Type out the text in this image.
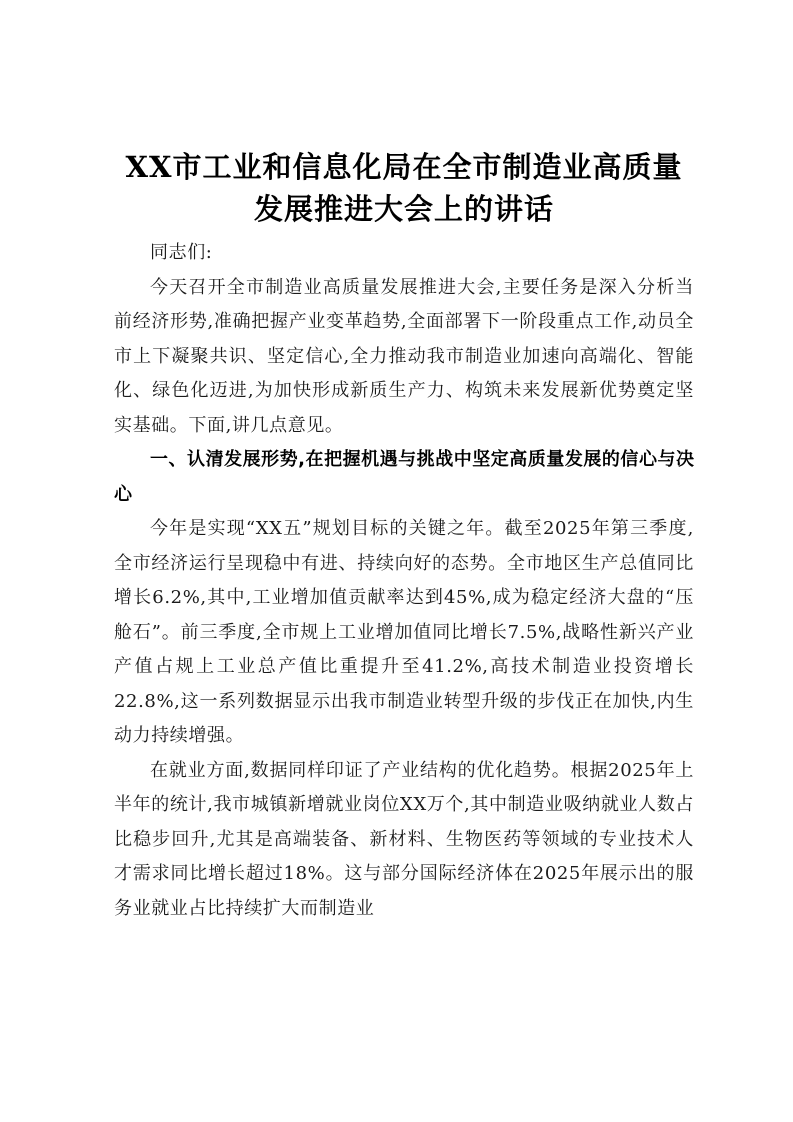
XX市工业和信息化局在全市制造业高质量发展推进大会上的讲话

同志们:

今天召开全市制造业高质量发展推进大会,主要任务是深入分析当前经济形势,准确把握产业变革趋势,全面部署下一阶段重点工作,动员全市上下凝聚共识、坚定信心,全力推动我市制造业加速向高端化、智能化、绿色化迈进,为加快形成新质生产力、构筑未来发展新优势奠定坚实基础。下面,讲几点意见。

一、认清发展形势,在把握机遇与挑战中坚定高质量发展的信心与决心

今年是实现“XX五”规划目标的关键之年。截至2025年第三季度,全市经济运行呈现稳中有进、持续向好的态势。全市地区生产总值同比增长6.2%,其中,工业增加值贡献率达到45%,成为稳定经济大盘的“压舱石”。前三季度,全市规上工业增加值同比增长7.5%,战略性新兴产业产值占规上工业总产值比重提升至41.2%,高技术制造业投资增长22.8%,这一系列数据显示出我市制造业转型升级的步伐正在加快,内生动力持续增强。

在就业方面,数据同样印证了产业结构的优化趋势。根据2025年上半年的统计,我市城镇新增就业岗位XX万个,其中制造业吸纳就业人数占比稳步回升,尤其是高端装备、新材料、生物医药等领域的专业技术人才需求同比增长超过18%。这与部分国际经济体在2025年展示出的服务业就业占比持续扩大而制造业
